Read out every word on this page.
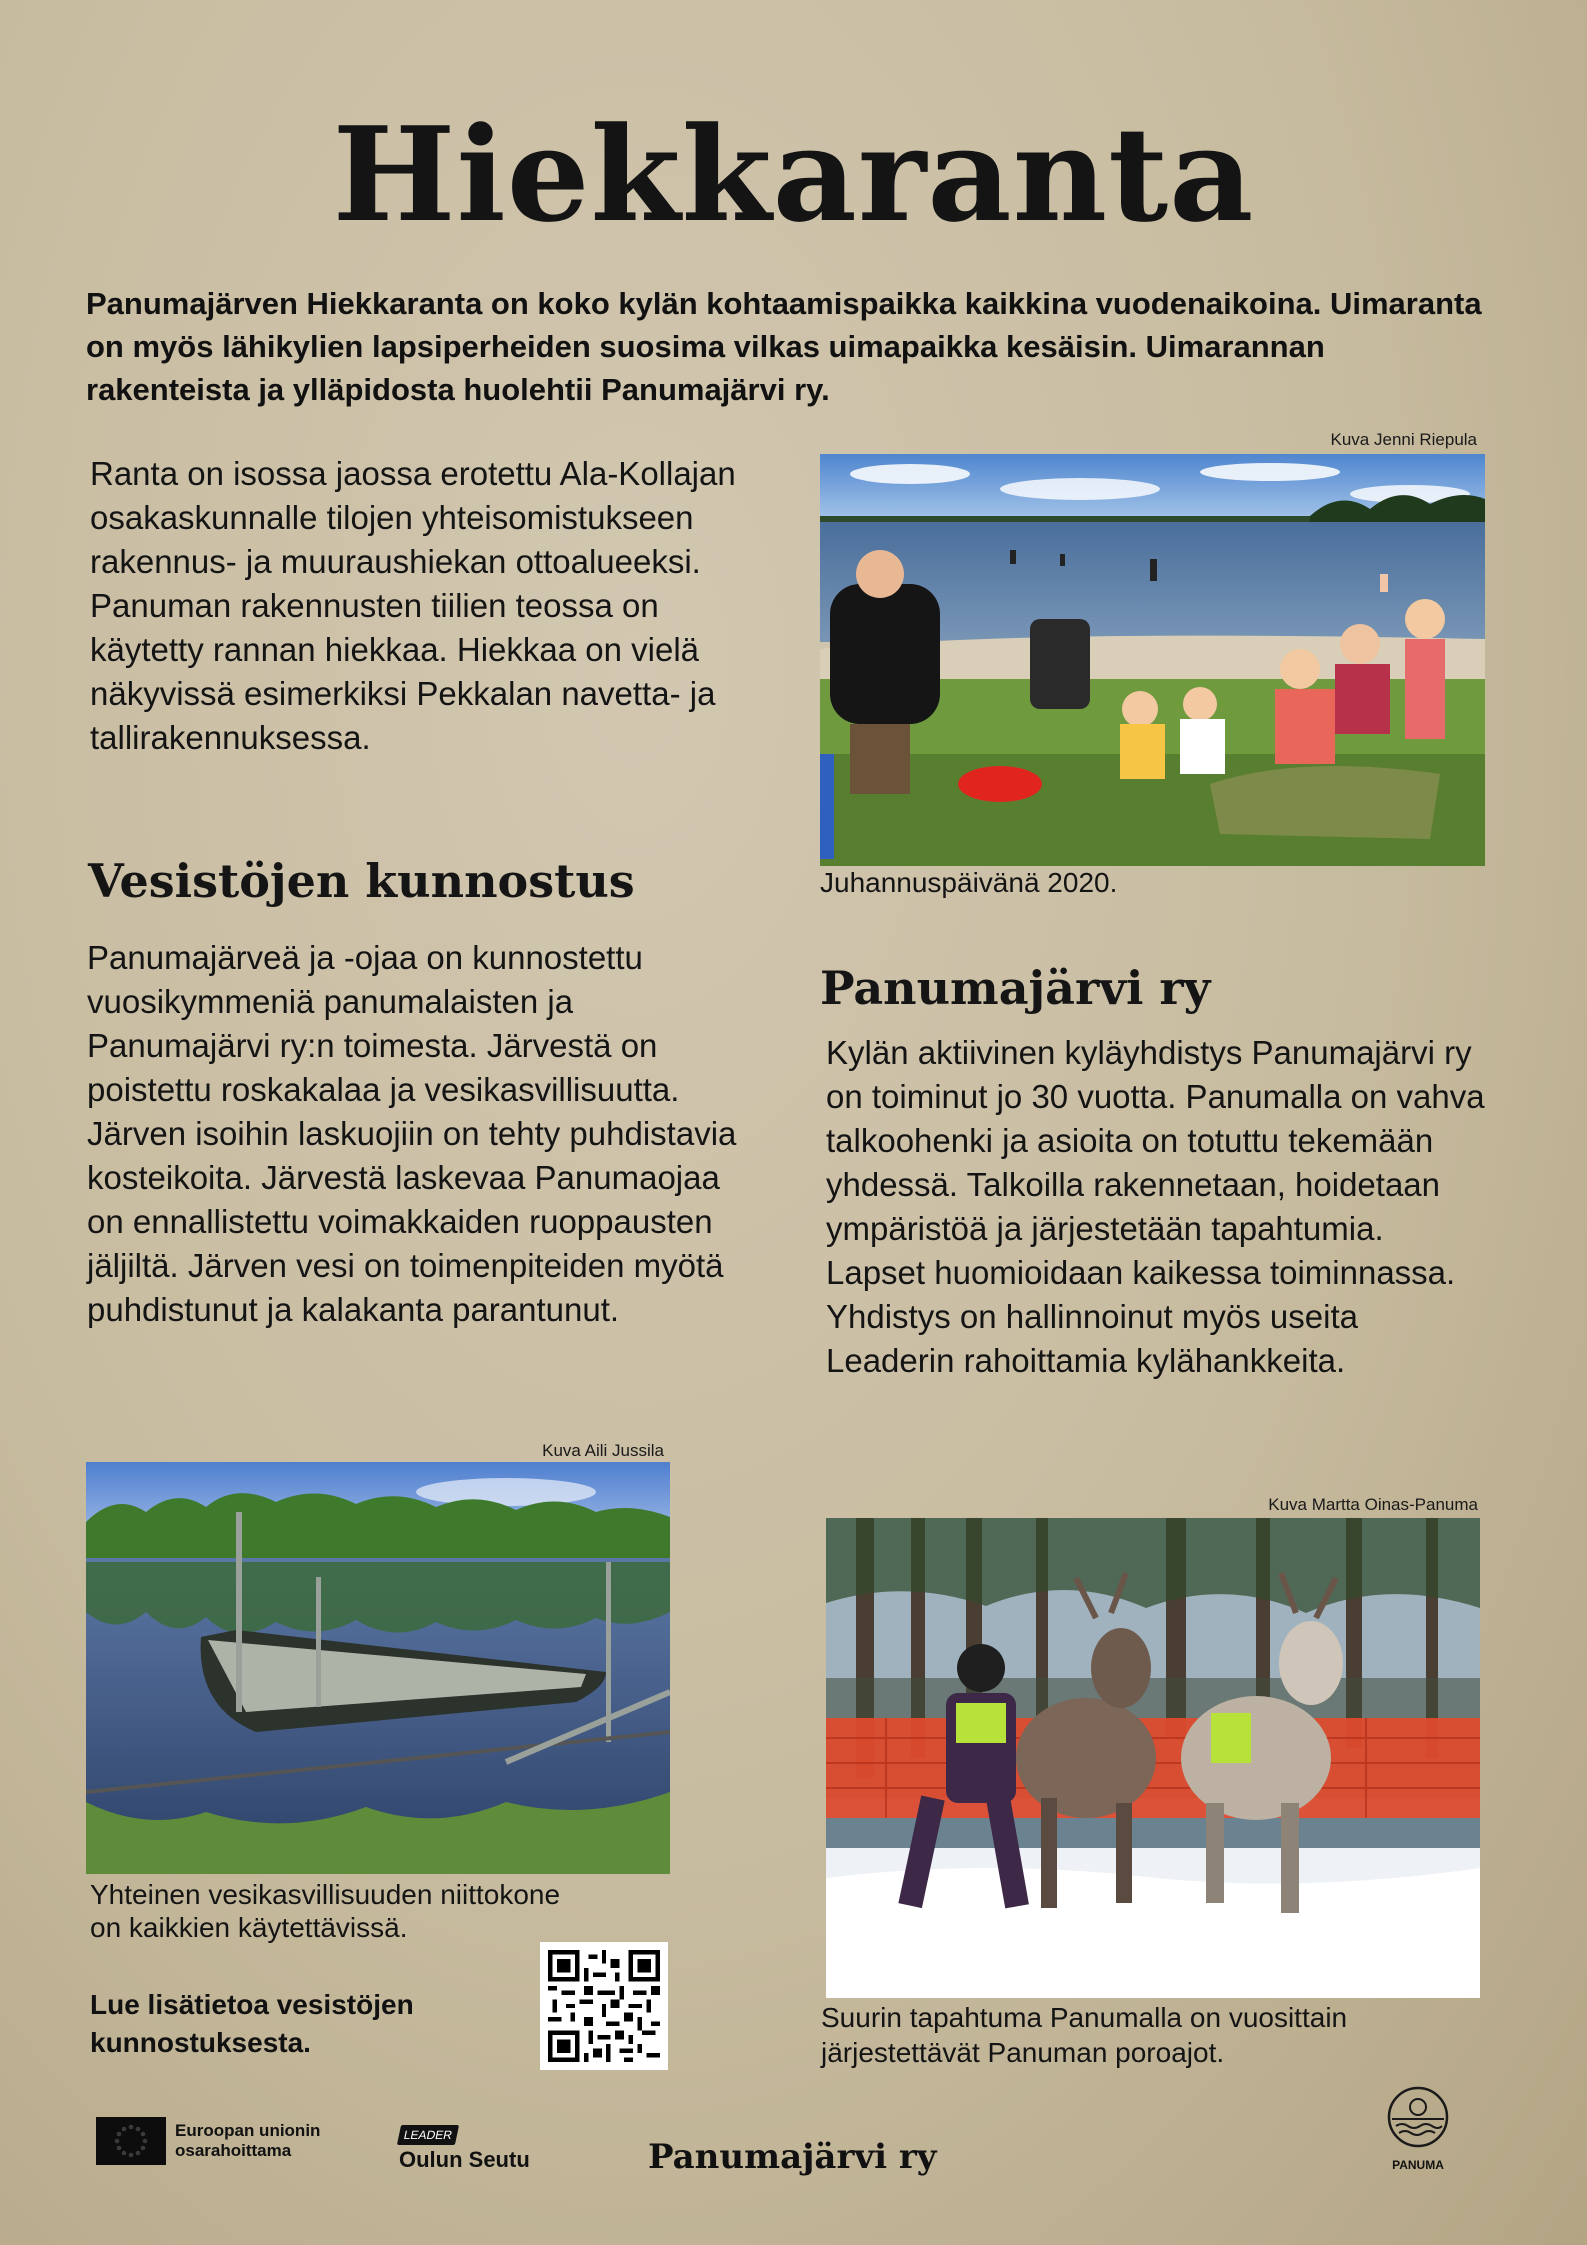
Hiekkaranta

Panumajärven Hiekkaranta on koko kylän kohtaamispaikka kaikkina vuodenaikoina. Uimaranta on myös lähikylien lapsiperheiden suosima vilkas uimapaikka kesäisin. Uimarannan rakenteista ja ylläpidosta huolehtii Panumajärvi ry.

Ranta on isossa jaossa erotettu Ala-Kollajan osakaskunnalle tilojen yhteisomistukseen rakennus- ja muuraushiekan ottoalueeksi. Panuman rakennusten tiilien teossa on käytetty rannan hiekkaa. Hiekkaa on vielä näkyvissä esimerkiksi Pekkalan navetta- ja tallirakennuksessa.

Kuva Jenni Riepula
Juhannuspäivänä 2020.
Vesistöjen kunnostus

Panumajärveä ja -ojaa on kunnostettu vuosikymmeniä panumalaisten ja Panumajärvi ry:n toimesta. Järvestä on poistettu roskakalaa ja vesikasvillisuutta. Järven isoihin laskuojiin on tehty puhdistavia kosteikoita. Järvestä laskevaa Panumaojaa on ennallistettu voimakkaiden ruoppausten jäljiltä. Järven vesi on toimenpiteiden myötä puhdistunut ja kalakanta parantunut.

Kuva Aili Jussila
Yhteinen vesikasvillisuuden niittokone
on kaikkien käytettävissä.
Lue lisätietoa vesistöjen
kunnostuksesta.
Panumajärvi ry

Kylän aktiivinen kyläyhdistys Panumajärvi ry on toiminut jo 30 vuotta. Panumalla on vahva talkoohenki ja asioita on totuttu tekemään yhdessä. Talkoilla rakennetaan, hoidetaan ympäristöä ja järjestetään tapahtumia. Lapset huomioidaan kaikessa toiminnassa. Yhdistys on hallinnoinut myös useita Leaderin rahoittamia kylähankkeita.

Kuva Martta Oinas-Panuma
Suurin tapahtuma Panumalla on vuosittain
järjestettävät Panuman poroajot.
Euroopan unionin
osarahoittama
LEADER
Oulun Seutu	Panumajärvi ry	PANUMA
